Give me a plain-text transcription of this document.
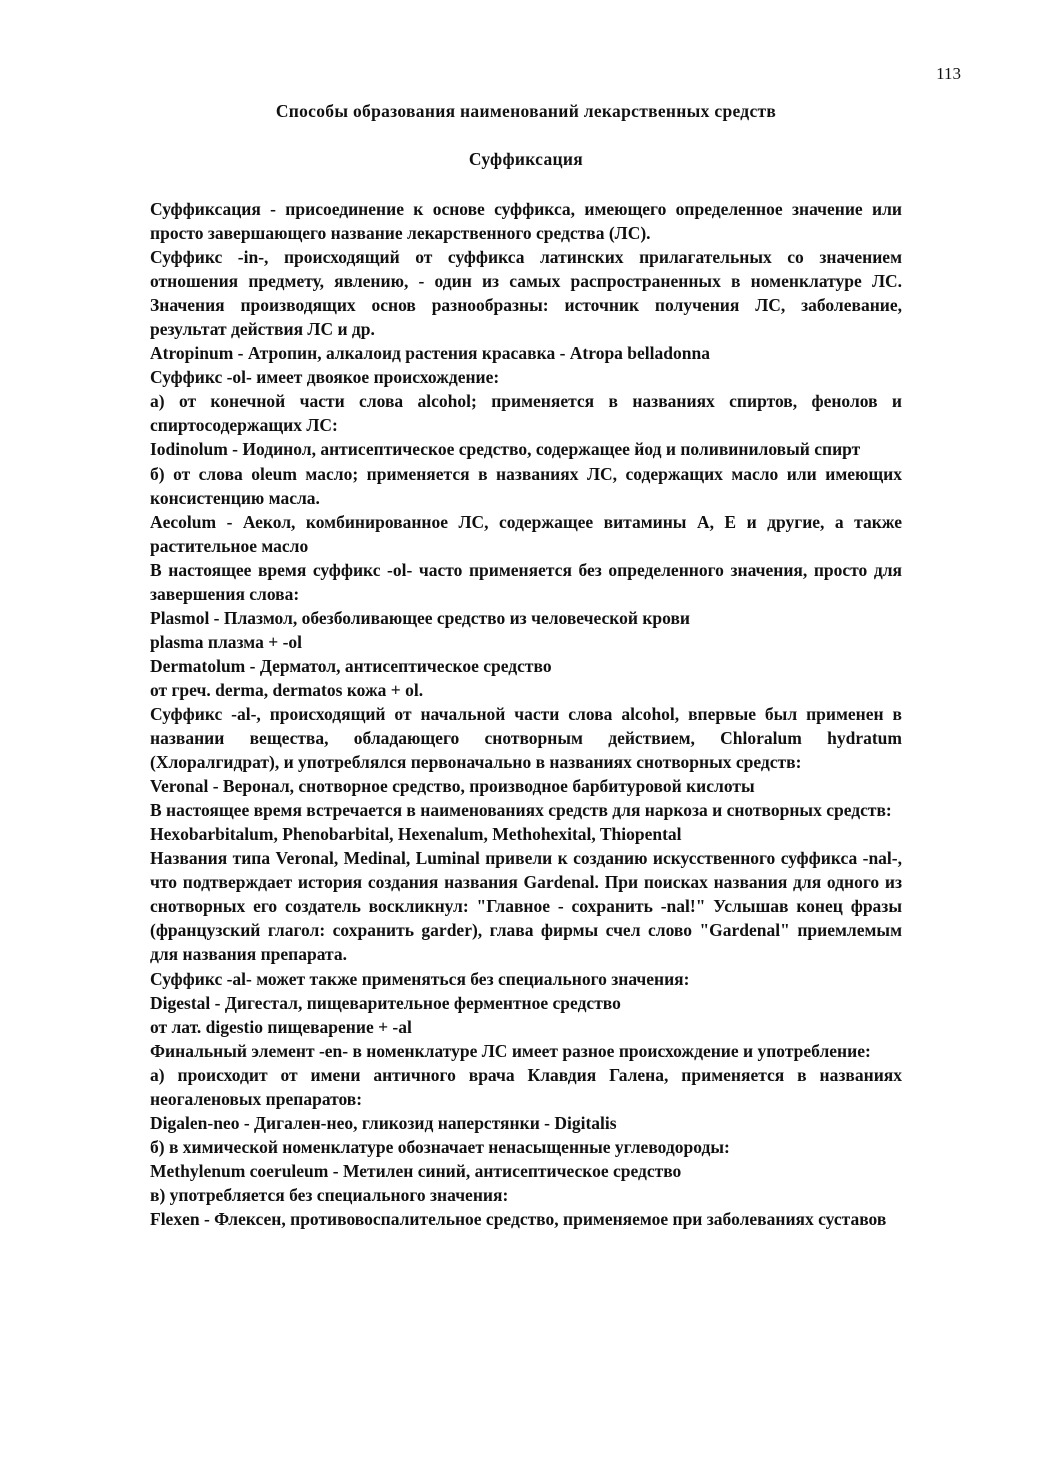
113
Способы образования наименований лекарственных средств
Суффиксация

Суффиксация - присоединение к основе суффикса, имеющего определенное значение или просто завершающего название лекарственного средства (ЛС).

Суффикс -in-, происходящий от суффикса латинских прилагательных со значением отношения предмету, явлению, - один из самых распространенных в номенклатуре ЛС. Значения производящих основ разнообразны: источник получения ЛС, заболевание, результат действия ЛС и др.

Atropinum - Атропин, алкалоид растения красавка - Atropa belladonna

Суффикс -ol- имеет двоякое происхождение:

а) от конечной части слова alcohol; применяется в названиях спиртов, фенолов и спиртосодержащих ЛС:

Iodinolum - Иодинол, антисептическое средство, содержащее йод и поливиниловый спирт

б) от слова oleum масло; применяется в названиях ЛС, содержащих масло или имеющих консистенцию масла.

Aecolum - Аекол, комбинированное ЛС, содержащее витамины А, Е и другие, а также растительное масло

В настоящее время суффикс -ol- часто применяется без определенного значения, просто для завершения слова:

Plasmol - Плазмол, обезболивающее средство из человеческой крови

plasma плазма + -ol

Dermatolum - Дерматол, антисептическое средство

от греч. derma, dermatos кожа + ol.

Суффикс -al-, происходящий от начальной части слова alcohol, впервые был применен в названии вещества, обладающего снотворным действием, Chloralum hydratum (Хлоралгидрат), и употреблялся первоначально в названиях снотворных средств:

Veronal - Веронал, снотворное средство, производное барбитуровой кислоты

В настоящее время встречается в наименованиях средств для наркоза и снотворных средств:

Hexobarbitalum, Phenobarbital, Hexenalum, Methohexital, Thiopental

Названия типа Veronal, Medinal, Luminal привели к созданию искусственного суффикса -nal-, что подтверждает история создания названия Gardenal. При поисках названия для одного из снотворных его создатель воскликнул: "Главное - сохранить -nal!" Услышав конец фразы (французский глагол: сохранить garder), глава фирмы счел слово "Gardenal" приемлемым для названия препарата.

Суффикс -al- может также применяться без специального значения:

Digestal - Дигестал, пищеварительное ферментное средство

от лат. digestio пищеварение + -al

Финальный элемент -en- в номенклатуре ЛС имеет разное происхождение и употребление:

а) происходит от имени античного врача Клавдия Галена, применяется в названиях неогаленовых препаратов:

Digalen-neo - Дигален-нео, гликозид наперстянки - Digitalis

б) в химической номенклатуре обозначает ненасыщенные углеводороды:

Methylenum coeruleum - Метилен синий, антисептическое средство

в) употребляется без специального значения:

Flexen - Флексен, противовоспалительное средство, применяемое при заболеваниях суставов
